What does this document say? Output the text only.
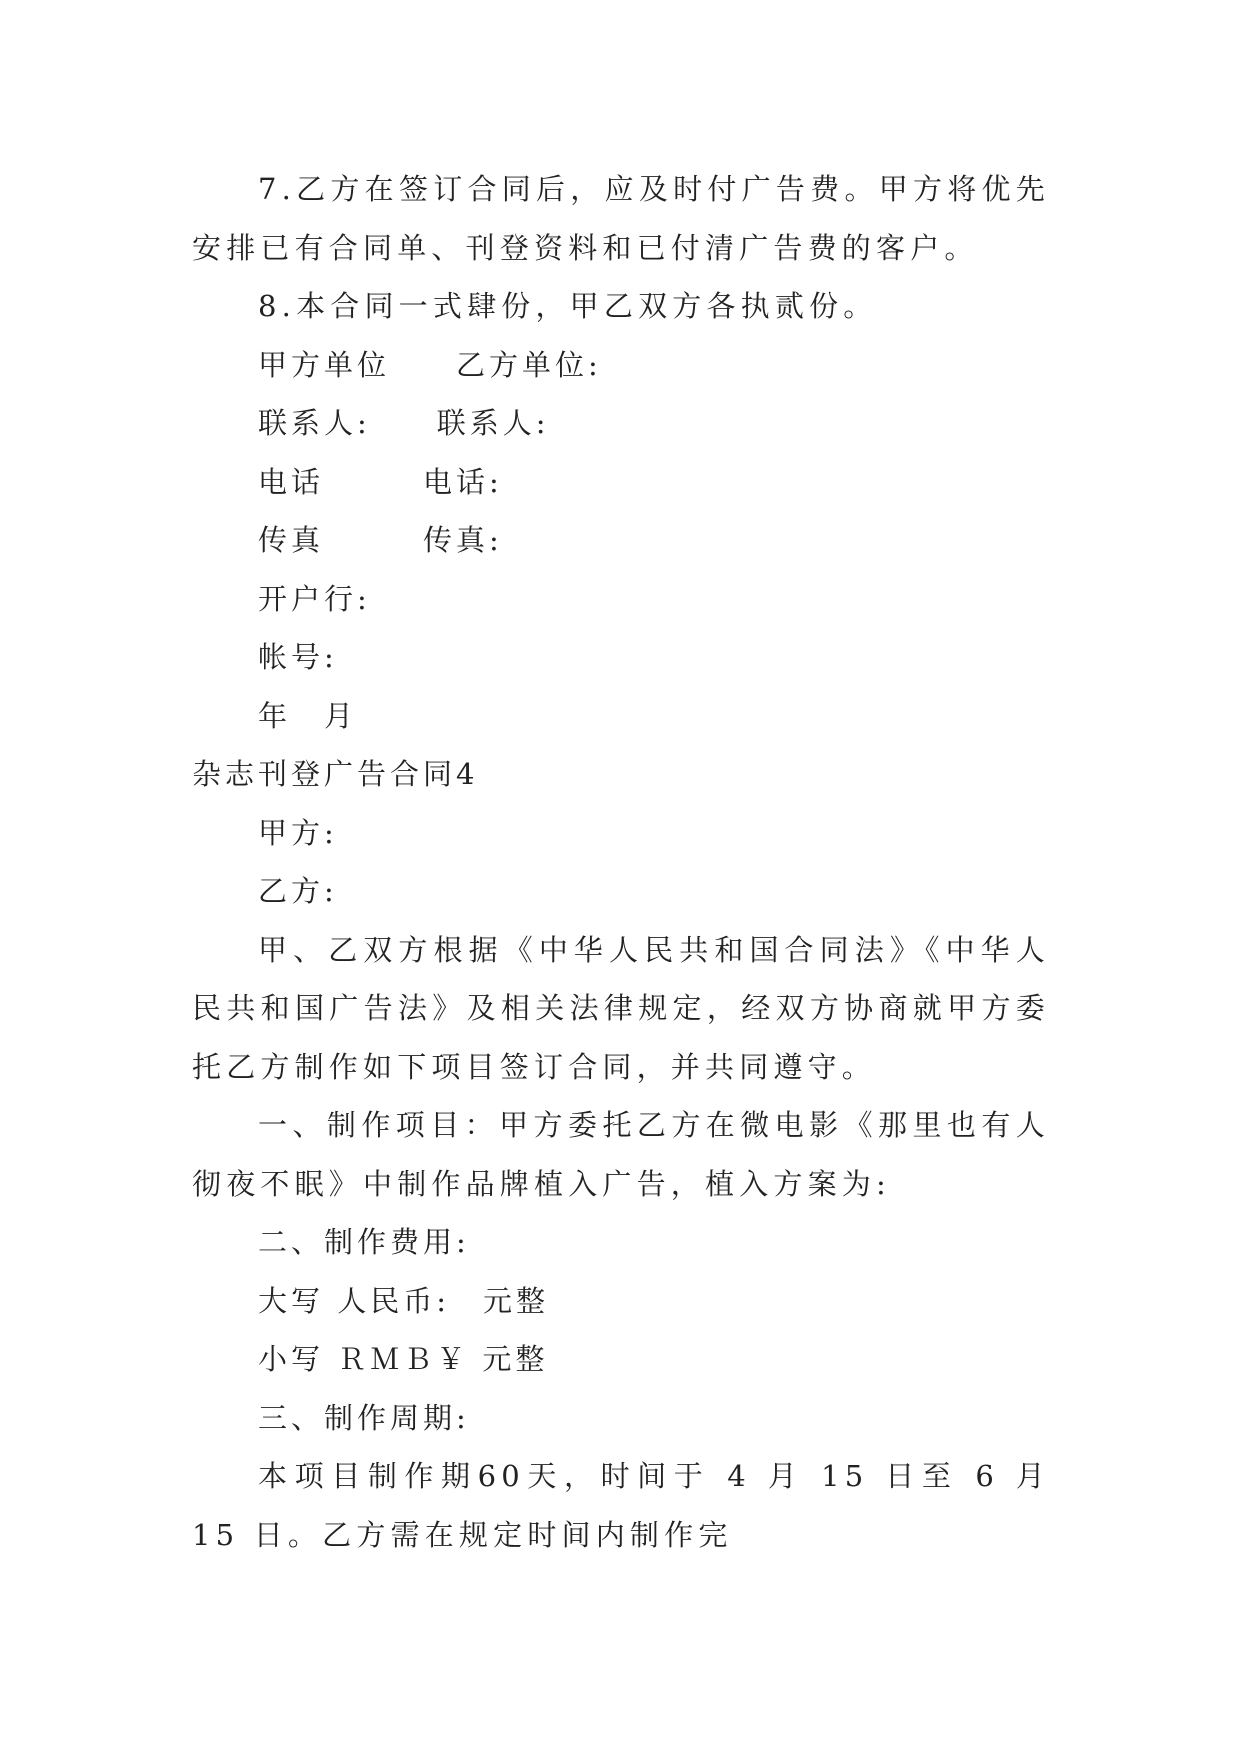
7.乙方在签订合同后，应及时付广告费。甲方将优先安排已有合同单、刊登资料和已付清广告费的客户。

8.本合同一式肆份，甲乙双方各执贰份。

甲方单位　　乙方单位:

联系人:　　联系人:

电话　　　电话:

传真　　　传真:

开户行:

帐号:

年　月

杂志刊登广告合同4

甲方:

乙方:

甲、乙双方根据《中华人民共和国合同法》《中华人民共和国广告法》及相关法律规定，经双方协商就甲方委托乙方制作如下项目签订合同，并共同遵守。

一、制作项目：甲方委托乙方在微电影《那里也有人彻夜不眠》中制作品牌植入广告，植入方案为:

二、制作费用:

大写 人民币:　元整

小写 ＲＭＢ￥ 元整

三、制作周期:

本项目制作期60天，时间于 4 月 15 日至 6 月 15 日。乙方需在规定时间内制作完
